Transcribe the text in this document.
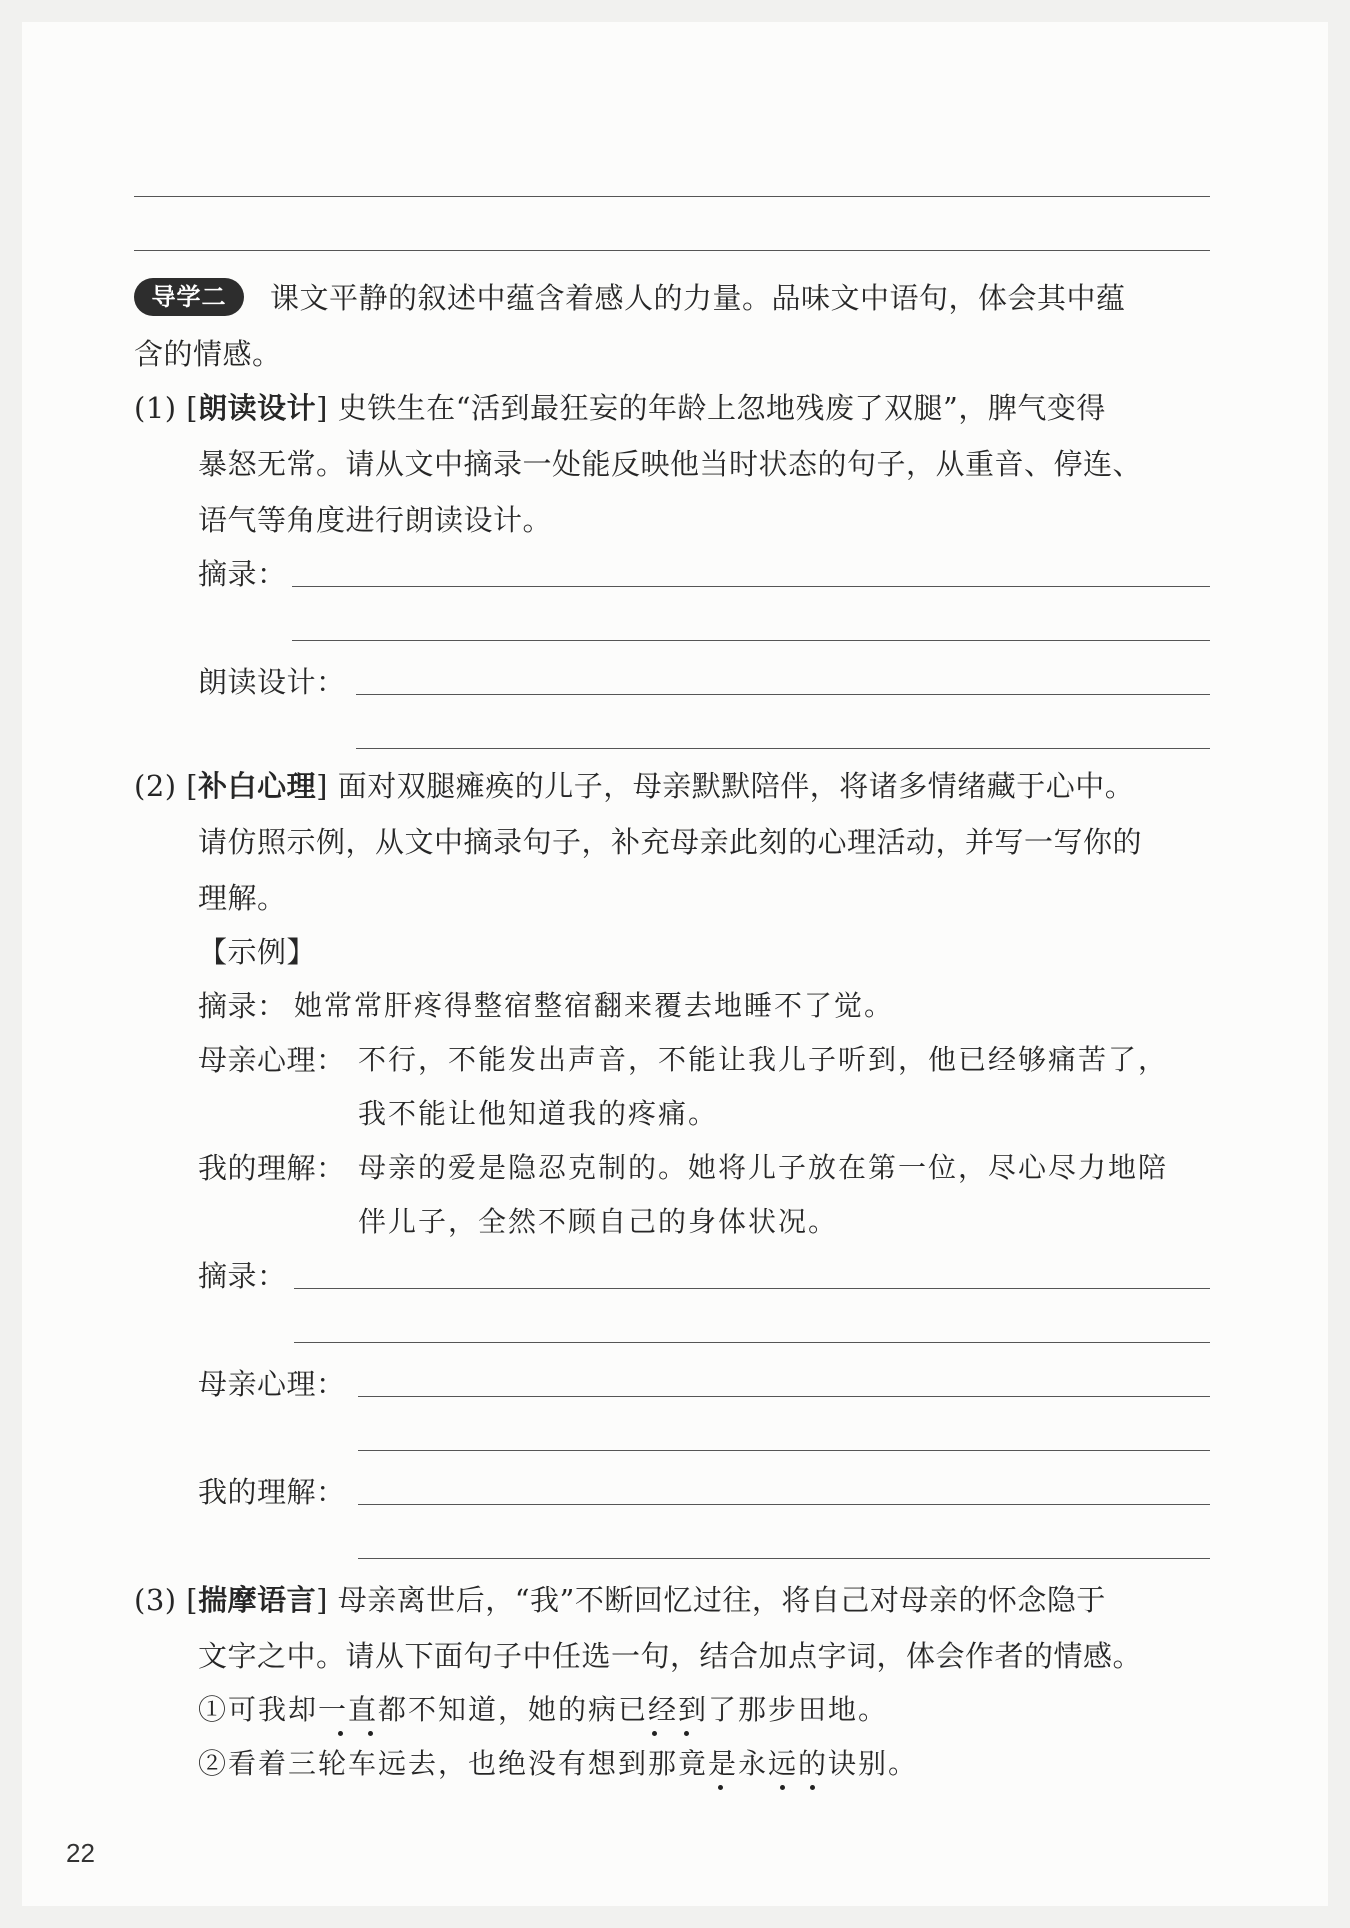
导学二	课文平静的叙述中蕴含着感人的力量。品味文中语句，体会其中蕴
含的情感。
(1) [朗读设计] 史铁生在“活到最狂妄的年龄上忽地残废了双腿”，脾气变得
暴怒无常。请从文中摘录一处能反映他当时状态的句子，从重音、停连、
语气等角度进行朗读设计。
摘录：
朗读设计：
(2) [补白心理] 面对双腿瘫痪的儿子，母亲默默陪伴，将诸多情绪藏于心中。
请仿照示例，从文中摘录句子，补充母亲此刻的心理活动，并写一写你的
理解。
【示例】
摘录： 她常常肝疼得整宿整宿翻来覆去地睡不了觉。
母亲心理： 不行，不能发出声音，不能让我儿子听到，他已经够痛苦了，
我不能让他知道我的疼痛。
我的理解： 母亲的爱是隐忍克制的。她将儿子放在第一位，尽心尽力地陪
伴儿子，全然不顾自己的身体状况。
摘录：
母亲心理：
我的理解：
(3) [揣摩语言] 母亲离世后，“我”不断回忆过往，将自己对母亲的怀念隐于
文字之中。请从下面句子中任选一句，结合加点字词，体会作者的情感。
①可我却一直都不知道，她的病已经到了那步田地。
②看着三轮车远去，也绝没有想到那竟是永远的诀别。
22
